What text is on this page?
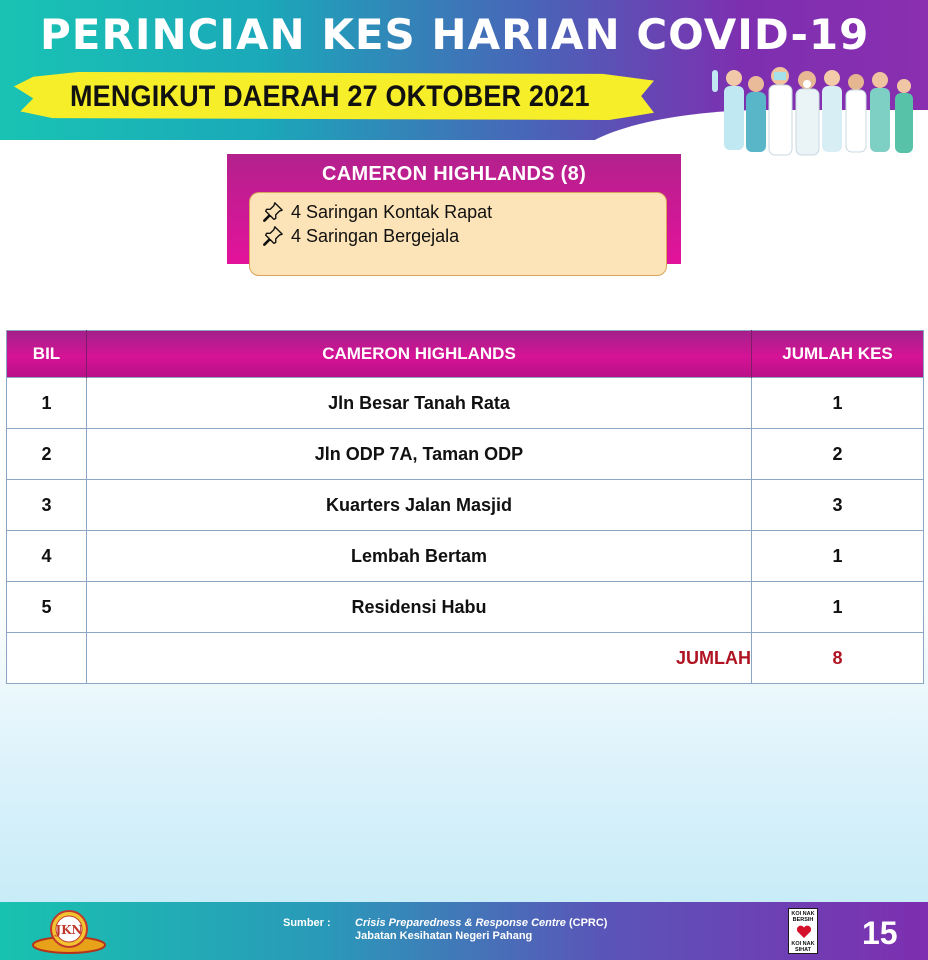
PERINCIAN KES HARIAN COVID-19
MENGIKUT DAERAH 27 OKTOBER 2021
CAMERON HIGHLANDS (8)
4 Saringan Kontak Rapat
4 Saringan Bergejala
BIL	CAMERON HIGHLANDS	JUMLAH KES
1	Jln Besar Tanah Rata	1
2	Jln ODP 7A, Taman ODP	2
3	Kuarters Jalan Masjid	3
4	Lembah Bertam	1
5	Residensi Habu	1
	JUMLAH	8
JKN	Sumber : Crisis Preparedness & Response Centre (CPRC)
Jabatan Kesihatan Negeri Pahang
KOI NAK
BERSIH
KOI NAK
SIHAT 15
